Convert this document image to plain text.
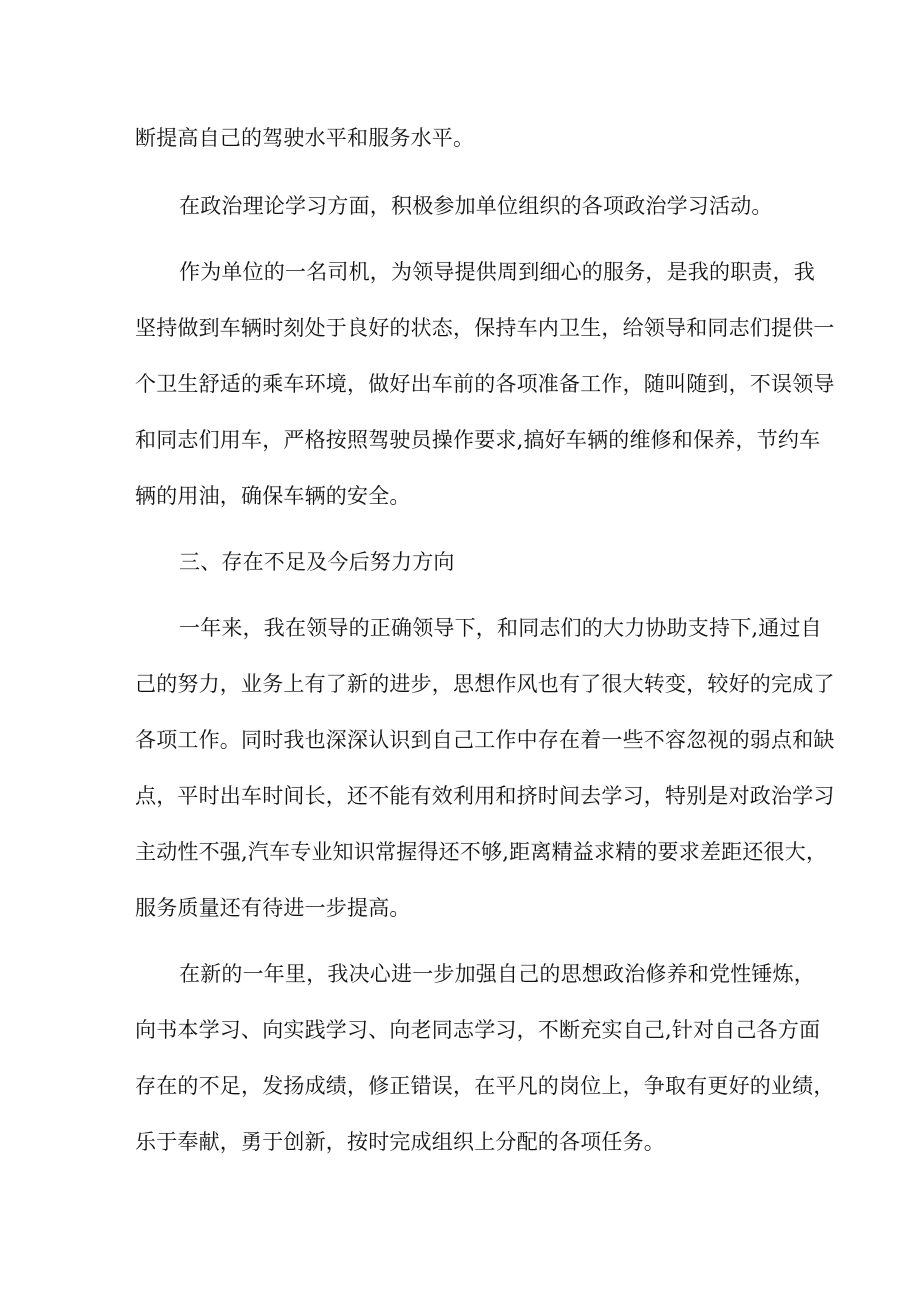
断提高自己的驾驶水平和服务水平。
在政治理论学习方面，积极参加单位组织的各项政治学习活动。
作为单位的一名司机，为领导提供周到细心的服务，是我的职责，我
坚持做到车辆时刻处于良好的状态，保持车内卫生，给领导和同志们提供一
个卫生舒适的乘车环境，做好出车前的各项准备工作，随叫随到，不误领导
和同志们用车，严格按照驾驶员操作要求,搞好车辆的维修和保养，节约车
辆的用油，确保车辆的安全。
三、存在不足及今后努力方向
一年来，我在领导的正确领导下，和同志们的大力协助支持下,通过自
己的努力，业务上有了新的进步，思想作风也有了很大转变，较好的完成了
各项工作。同时我也深深认识到自己工作中存在着一些不容忽视的弱点和缺
点，平时出车时间长，还不能有效利用和挤时间去学习，特别是对政治学习
主动性不强,汽车专业知识常握得还不够,距离精益求精的要求差距还很大，
服务质量还有待进一步提高。
在新的一年里，我决心进一步加强自己的思想政治修养和党性锤炼，
向书本学习、向实践学习、向老同志学习，不断充实自己,针对自己各方面
存在的不足，发扬成绩，修正错误，在平凡的岗位上，争取有更好的业绩，
乐于奉献，勇于创新，按时完成组织上分配的各项任务。
